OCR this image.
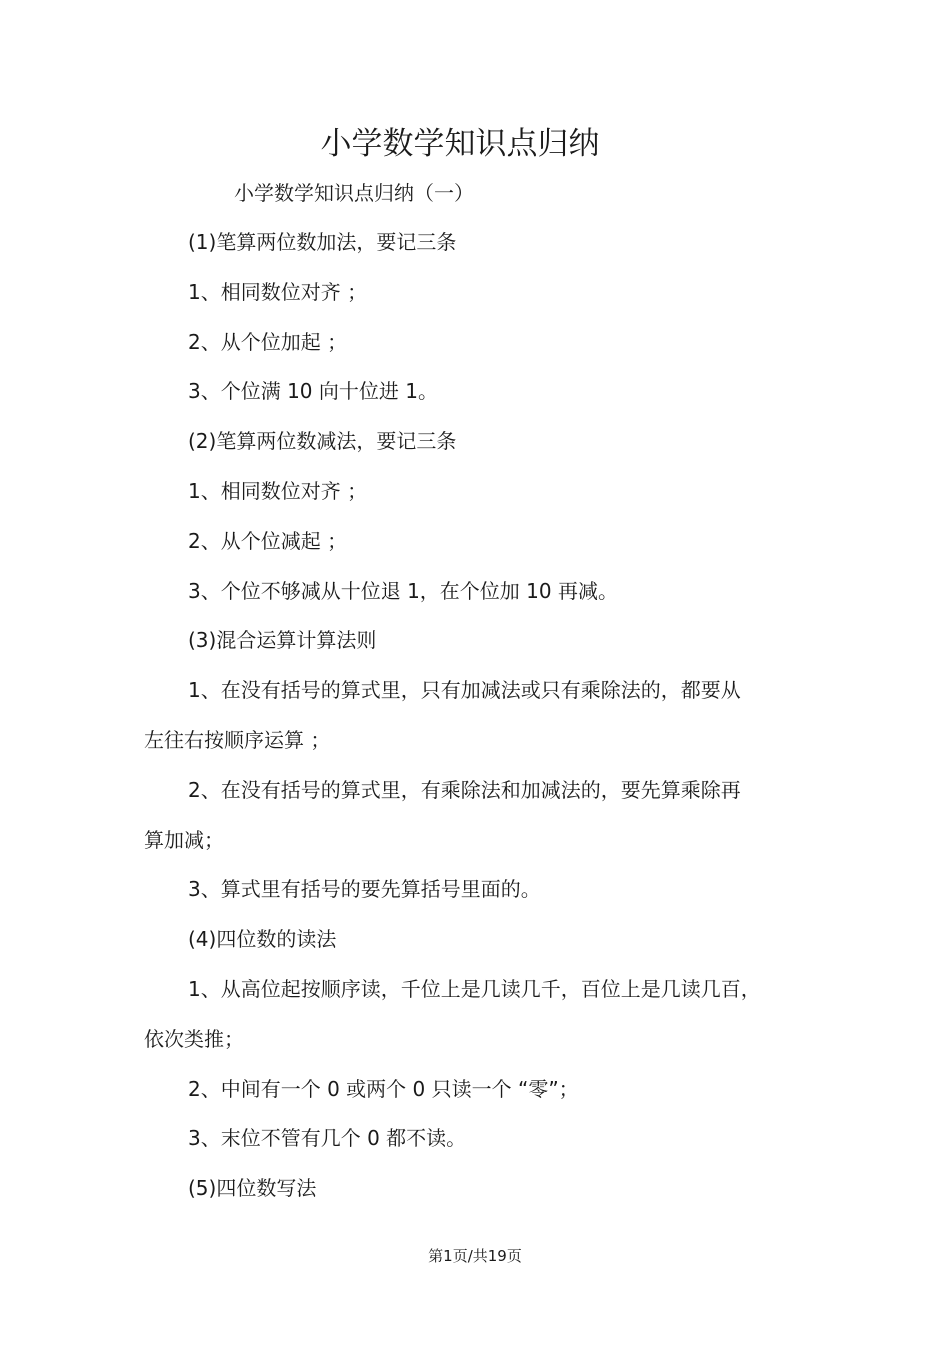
小学数学知识点归纳
小学数学知识点归纳（一）
(1)笔算两位数加法，要记三条
1、相同数位对齐 ；
2、从个位加起 ；
3、个位满 10 向十位进 1。
(2)笔算两位数减法，要记三条
1、相同数位对齐 ；
2、从个位减起 ；
3、个位不够减从十位退 1，在个位加 10 再减。
(3)混合运算计算法则
1、在没有括号的算式里，只有加减法或只有乘除法的，都要从
左往右按顺序运算 ；
2、在没有括号的算式里，有乘除法和加减法的，要先算乘除再
算加减；
3、算式里有括号的要先算括号里面的。
(4)四位数的读法
1、从高位起按顺序读，千位上是几读几千，百位上是几读几百，
依次类推；
2、中间有一个 0 或两个 0 只读一个 “零”；
3、末位不管有几个 0 都不读。
(5)四位数写法
第1页/共19页
